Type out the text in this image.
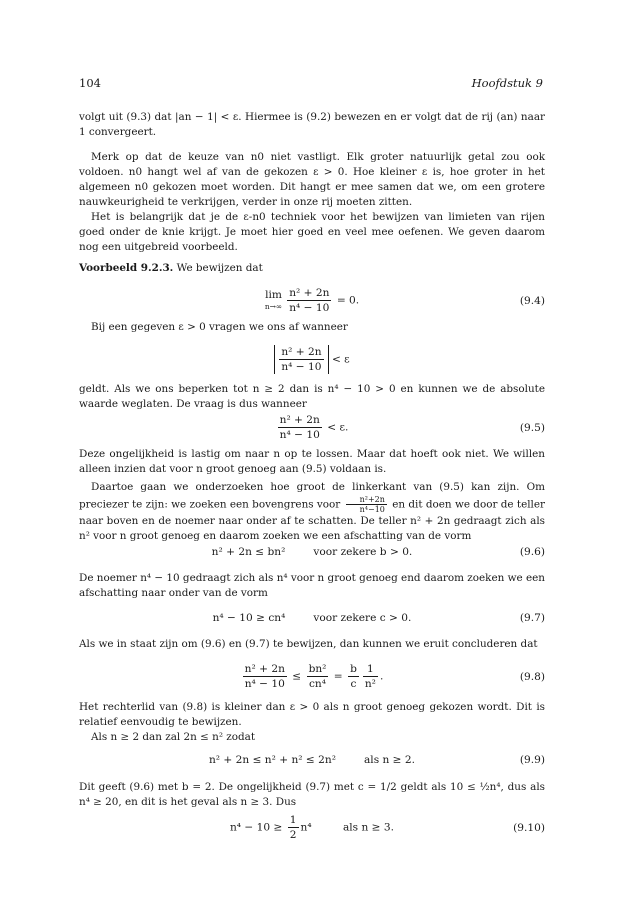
104	Hoofdstuk 9
volgt uit (9.3) dat |an − 1| < ε. Hiermee is (9.2) bewezen en er volgt dat de rij (an) naar 1 convergeert.
Merk op dat de keuze van n0 niet vastligt. Elk groter natuurlijk getal zou ook voldoen. n0 hangt wel af van de gekozen ε > 0. Hoe kleiner ε is, hoe groter in het algemeen n0 gekozen moet worden. Dit hangt er mee samen dat we, om een grotere nauwkeurigheid te verkrijgen, verder in onze rij moeten zitten.
Het is belangrijk dat je de ε-n0 techniek voor het bewijzen van limieten van rijen goed onder de knie krijgt. Je moet hier goed en veel mee oefenen. We geven daarom nog een uitgebreid voorbeeld.
Voorbeeld 9.2.3. We bewijzen dat
lim
$n\to\infty \frac{\text{n² + 2n}}{\text{n⁴ − 10}} = 0$.	(9.4)
Bij een gegeven ε > 0 vragen we ons af wanneer
$\frac{\text{n² + 2n}}{\text{n⁴ − 10}} < \varepsilon$
geldt. Als we ons beperken tot n ≥ 2 dan is n⁴ − 10 > 0 en kunnen we de absolute waarde weglaten. De vraag is dus wanneer
$\frac{\text{n² + 2n}}{\text{n⁴ − 10}} < \varepsilon$.	(9.5)
Deze ongelijkheid is lastig om naar n op te lossen. Maar dat hoeft ook niet. We willen alleen inzien dat voor n groot genoeg aan (9.5) voldaan is.
Daartoe gaan we onderzoeken hoe groot de linkerkant van (9.5) kan zijn. Om preciezer te zijn: we zoeken een bovengrens voor $\frac{\text{n²+2n}}{\text{n⁴−10}}$ en dit doen we door de teller naar boven en de noemer naar onder af te schatten. De teller n² + 2n gedraagt zich als n² voor n groot genoeg en daarom zoeken we een afschatting van de vorm
n² + 2n ≤ bn²	voor zekere b > 0.	(9.6)
De noemer n⁴ − 10 gedraagt zich als n⁴ voor n groot genoeg end daarom zoeken we een afschatting naar onder van de vorm
n⁴ − 10 ≥ cn⁴	voor zekere c > 0.	(9.7)
Als we in staat zijn om (9.6) en (9.7) te bewijzen, dan kunnen we eruit concluderen dat
$\frac{\text{n² + 2n}}{\text{n⁴ − 10}} \le \frac{\text{bn²}}{\text{cn⁴}} = \frac{b}{c} \frac{1}{\text{n²}}$ .	(9.8)
Het rechterlid van (9.8) is kleiner dan ε > 0 als n groot genoeg gekozen wordt. Dit is relatief eenvoudig te bewijzen.
Als n ≥ 2 dan zal 2n ≤ n² zodat
n² + 2n ≤ n² + n² ≤ 2n²	als n ≥ 2.	(9.9)
Dit geeft (9.6) met b = 2. De ongelijkheid (9.7) met c = 1/2 geldt als 10 ≤ ½n⁴, dus als n⁴ ≥ 20, en dit is het geval als n ≥ 3. Dus
$n^4 - 10 \ge \frac{1}{2} n^4$	als n ≥ 3.	(9.10)
